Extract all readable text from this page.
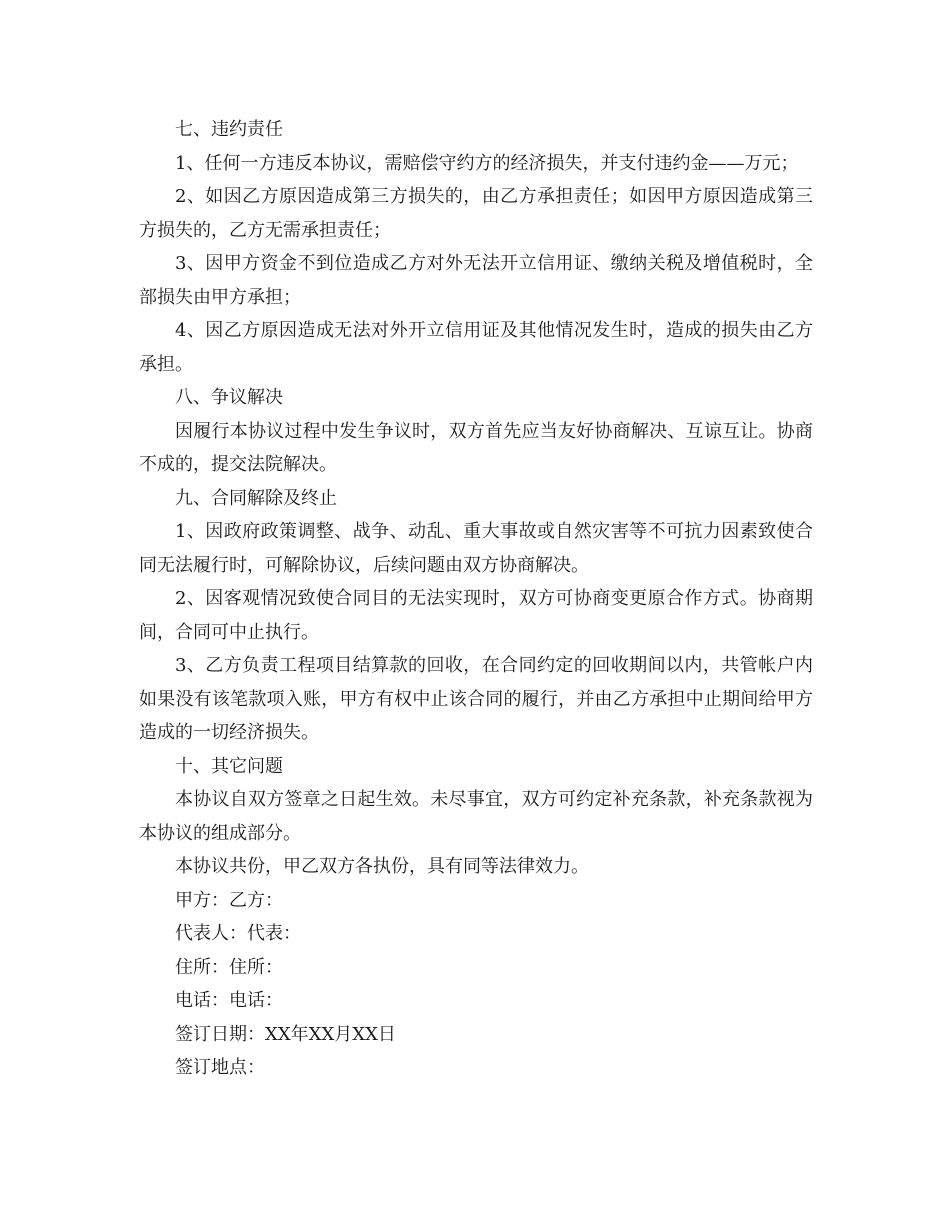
七、违约责任

1、任何一方违反本协议，需赔偿守约方的经济损失，并支付违约金——万元；

2、如因乙方原因造成第三方损失的，由乙方承担责任；如因甲方原因造成第三方损失的，乙方无需承担责任；

3、因甲方资金不到位造成乙方对外无法开立信用证、缴纳关税及增值税时，全部损失由甲方承担；

4、因乙方原因造成无法对外开立信用证及其他情况发生时，造成的损失由乙方承担。

八、争议解决

因履行本协议过程中发生争议时，双方首先应当友好协商解决、互谅互让。协商不成的，提交法院解决。

九、合同解除及终止

1、因政府政策调整、战争、动乱、重大事故或自然灾害等不可抗力因素致使合同无法履行时，可解除协议，后续问题由双方协商解决。

2、因客观情况致使合同目的无法实现时，双方可协商变更原合作方式。协商期间，合同可中止执行。

3、乙方负责工程项目结算款的回收，在合同约定的回收期间以内，共管帐户内如果没有该笔款项入账，甲方有权中止该合同的履行，并由乙方承担中止期间给甲方造成的一切经济损失。

十、其它问题

本协议自双方签章之日起生效。未尽事宜，双方可约定补充条款，补充条款视为本协议的组成部分。

本协议共份，甲乙双方各执份，具有同等法律效力。

甲方：乙方：

代表人：代表：

住所：住所：

电话：电话：

签订日期：XX年XX月XX日

签订地点：
